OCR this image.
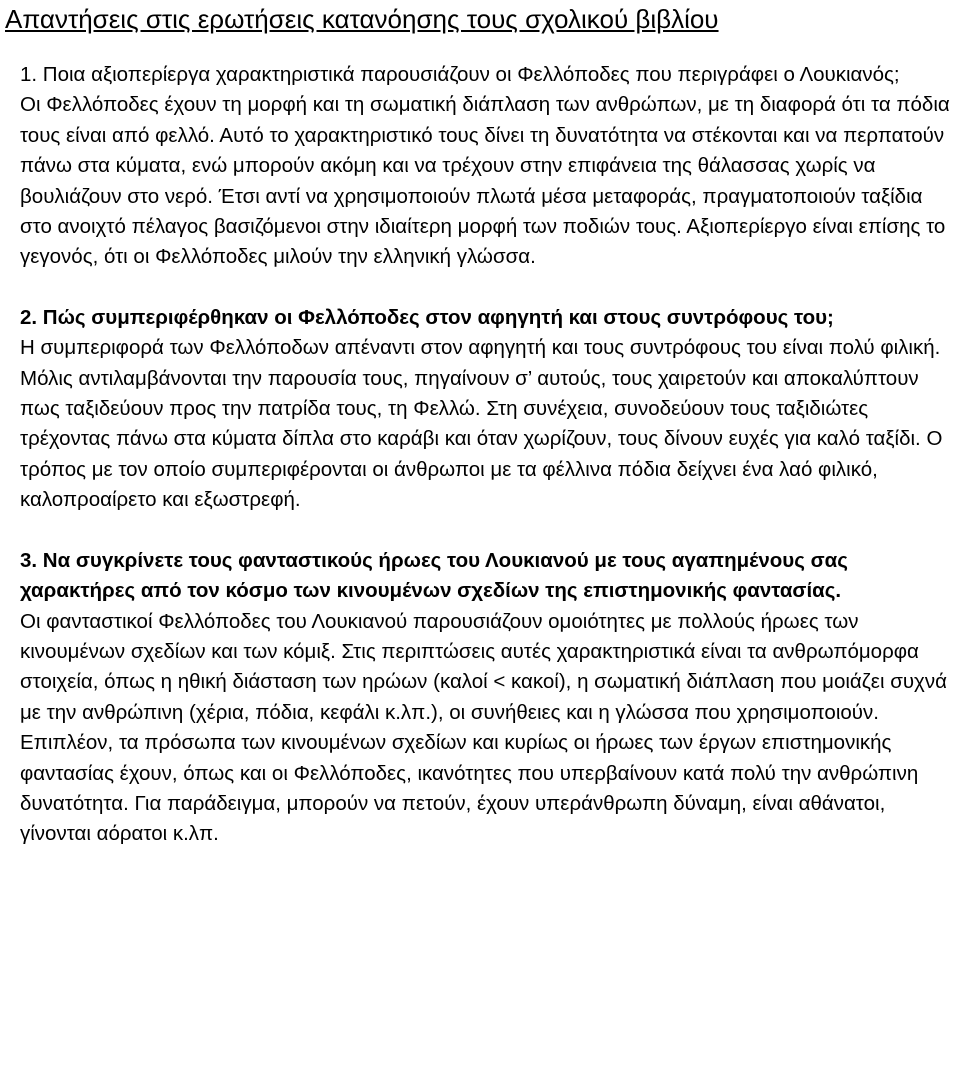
Απαντήσεις στις ερωτήσεις κατανόησης τους σχολικού βιβλίου

1. Ποια αξιοπερίεργα χαρακτηριστικά παρουσιάζουν οι Φελλόποδες που περιγράφει ο Λουκιανός;

Οι Φελλόποδες έχουν τη μορφή και τη σωματική διάπλαση των ανθρώπων, με τη διαφορά ότι τα πόδια τους είναι από φελλό. Αυτό το χαρακτηριστικό τους δίνει τη δυνατότητα να στέκονται και να περπατούν πάνω στα κύματα, ενώ μπορούν ακόμη και να τρέχουν στην επιφάνεια της θάλασσας χωρίς να βουλιάζουν στο νερό. Έτσι αντί να χρησιμοποιούν πλωτά μέσα μεταφοράς, πραγματοποιούν ταξίδια στο ανοιχτό πέλαγος βασιζόμενοι στην ιδιαίτερη μορφή των ποδιών τους. Αξιοπερίεργο είναι επίσης το γεγονός, ότι οι Φελλόποδες μιλούν την ελληνική γλώσσα.

2. Πώς συμπεριφέρθηκαν οι Φελλόποδες στον αφηγητή και στους συντρόφους του;

Η συμπεριφορά των Φελλόποδων απέναντι στον αφηγητή και τους συντρόφους του είναι πολύ φιλική. Μόλις αντιλαμβάνονται την παρουσία τους, πηγαίνουν σ’ αυτούς, τους χαιρετούν και αποκαλύπτουν πως ταξιδεύουν προς την πατρίδα τους, τη Φελλώ. Στη συνέχεια, συνοδεύουν τους ταξιδιώτες τρέχοντας πάνω στα κύματα δίπλα στο καράβι και όταν χωρίζουν, τους δίνουν ευχές για καλό ταξίδι. Ο τρόπος με τον οποίο συμπεριφέρονται οι άνθρωποι με τα φέλλινα πόδια δείχνει ένα λαό φιλικό, καλοπροαίρετο και εξωστρεφή.

3. Να συγκρίνετε τους φανταστικούς ήρωες του Λουκιανού με τους αγαπημένους σας χαρακτήρες από τον κόσμο των κινουμένων σχεδίων της επιστημονικής φαντασίας.

Οι φανταστικοί Φελλόποδες του Λουκιανού παρουσιάζουν ομοιότητες με πολλούς ήρωες των κινουμένων σχεδίων και των κόμιξ. Στις περιπτώσεις αυτές χαρακτηριστικά είναι τα ανθρωπόμορφα στοιχεία, όπως η ηθική διάσταση των ηρώων (καλοί < κακοί), η σωματική διάπλαση που μοιάζει συχνά με την ανθρώπινη (χέρια, πόδια, κεφάλι κ.λπ.), οι συνήθειες και η γλώσσα που χρησιμοποιούν. Επιπλέον, τα πρόσωπα των κινουμένων σχεδίων και κυρίως οι ήρωες των έργων επιστημονικής φαντασίας έχουν, όπως και οι Φελλόποδες, ικανότητες που υπερβαίνουν κατά πολύ την ανθρώπινη δυνατότητα. Για παράδειγμα, μπορούν να πετούν, έχουν υπεράνθρωπη δύναμη, είναι αθάνατοι, γίνονται αόρατοι κ.λπ.
